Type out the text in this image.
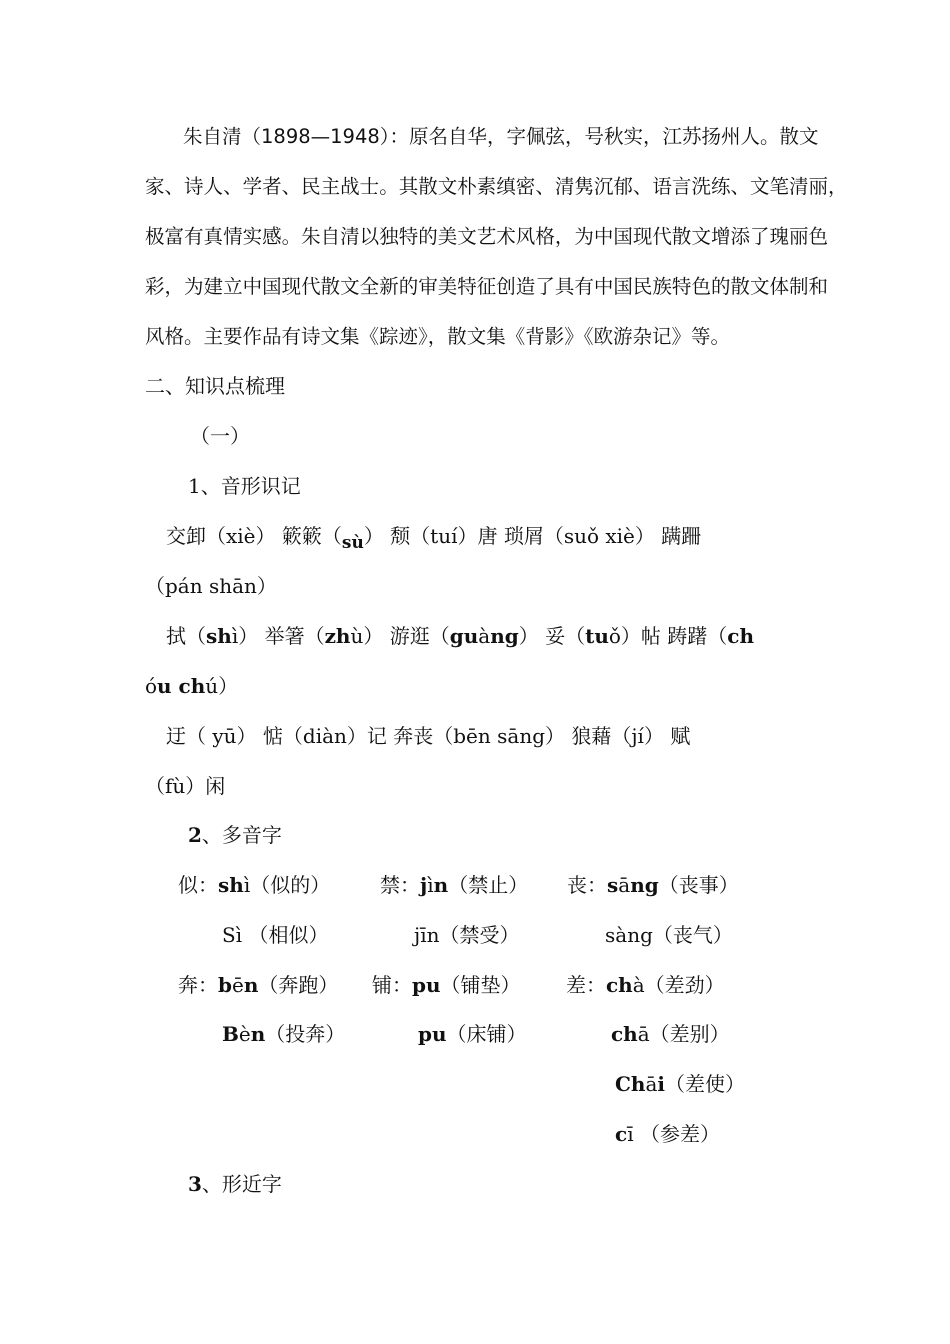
朱自清（1898—1948）：原名自华，字佩弦，号秋实，江苏扬州人。散文
家 、 诗 人 、 学 者 、 民 主 战 士 。 其 散 文 朴 素 缜 密 、 清 隽 沉 郁 、 语 言 洗 练 、 文 笔 清 丽 ，
极 富 有 真 情 实 感 。 朱 自 清 以 独 特 的 美 文 艺 术 风 格 ， 为 中 国 现 代 散 文 增 添 了 瑰 丽 色
彩 ， 为 建 立 中 国 现 代 散 文 全 新 的 审 美 特 征 创 造 了 具 有 中 国 民 族 特 色 的 散 文 体 制 和
风格。主要作品有诗文集《踪迹》，散文集《背影》《欧游杂记》等。
二、知识点梳理
（一）
1、音形识记
交卸（xiè） 簌簌$(_{sù})$ 颓（tuí）唐 琐屑（suǒ xiè） 蹒跚
（pán shān）
拭（shì） 举箸（zhù） 游逛（guàng） 妥（tuǒ）帖 踌躇（ch
óu chú）
迂（ yū） 惦（diàn）记 奔丧（bēn sāng） 狼藉（jí） 赋
（fù）闲
2、多音字
似：shì（似的） 禁：jìn（禁止） 丧：sāng（丧事）
Sì （相似）	jīn（禁受）	sàng（丧气）
奔：bēn（奔跑） 铺：pu（铺垫） 差：chà（差劲）
Bèn（投奔）	pu（床铺）	chā（差别）
Chāi（差使）
cī （参差）
3、形近字
